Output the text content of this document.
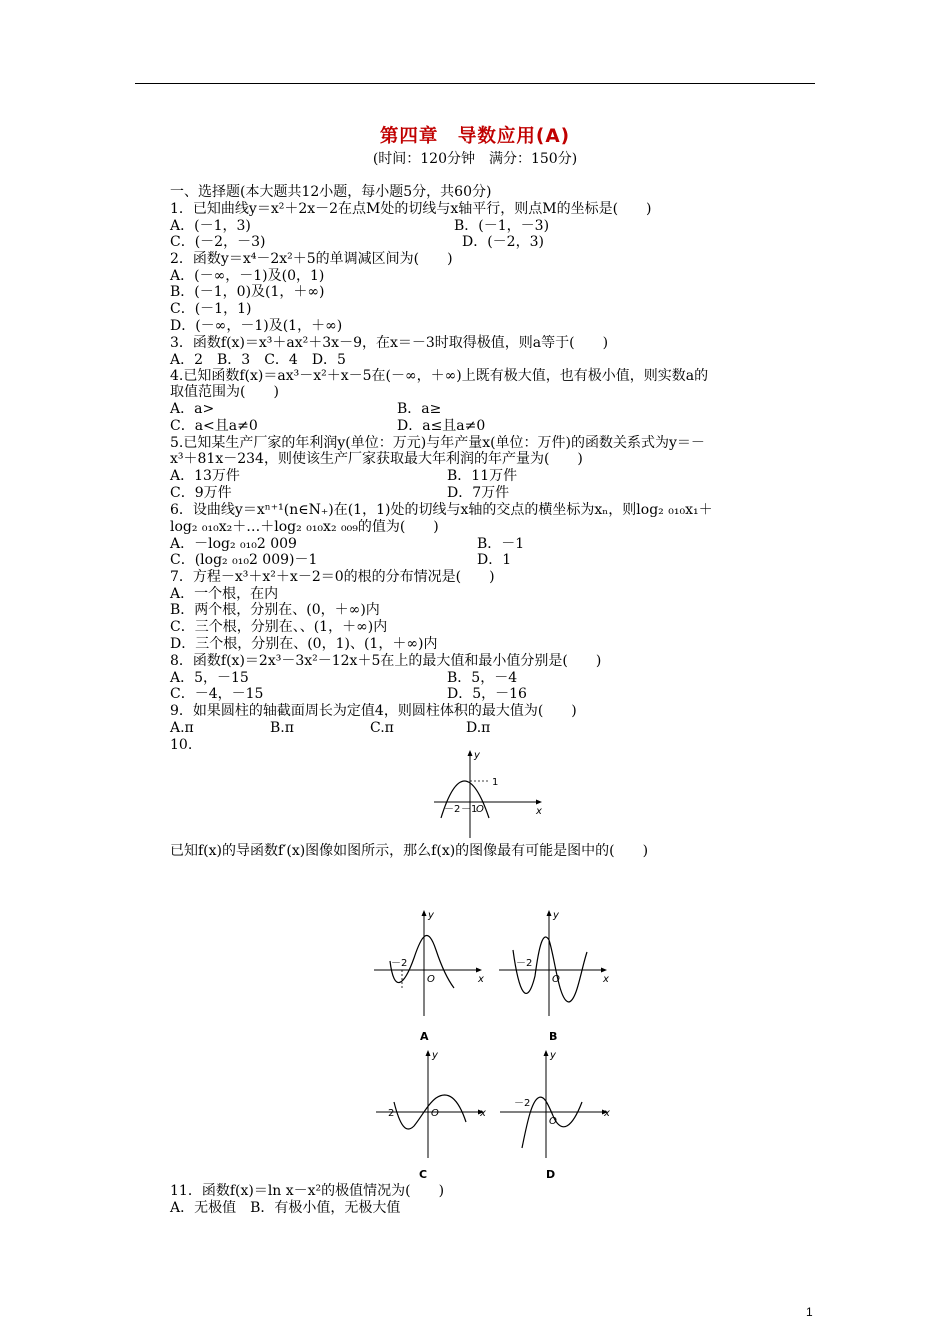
第四章　导数应用(A)
(时间：120分钟　满分：150分)
一、选择题(本大题共12小题，每小题5分，共60分)
1．已知曲线y＝x²＋2x－2在点M处的切线与x轴平行，则点M的坐标是(　　)
A．(－1，3)	B．(－1，－3)
C．(－2，－3)	D．(－2，3)
2．函数y＝x⁴－2x²＋5的单调减区间为(　　)
A．(－∞，－1)及(0，1)
B．(－1，0)及(1，＋∞)
C．(－1，1)
D．(－∞，－1)及(1，＋∞)
3．函数f(x)＝x³＋ax²＋3x－9，在x＝－3时取得极值，则a等于(　　)
A．2　B．3　C．4　D．5
4.已知函数f(x)＝ax³－x²＋x－5在(－∞，＋∞)上既有极大值，也有极小值，则实数a的
取值范围为(　　)
A．a>	B．a≥
C．a<且a≠0	D．a≤且a≠0
5.已知某生产厂家的年利润y(单位：万元)与年产量x(单位：万件)的函数关系式为y＝－
x³＋81x－234，则使该生产厂家获取最大年利润的年产量为(　　)
A．13万件	B．11万件
C．9万件	D．7万件
6．设曲线y＝xⁿ⁺¹(n∈N₊)在(1，1)处的切线与x轴的交点的横坐标为xₙ，则log₂ ₀₁₀x₁＋
log₂ ₀₁₀x₂＋…＋log₂ ₀₁₀x₂ ₀₀₉的值为(　　)
A．－log₂ ₀₁₀2 009	B．－1
C．(log₂ ₀₁₀2 009)－1	D．1
7．方程－x³＋x²＋x－2＝0的根的分布情况是(　　)
A．一个根，在内
B．两个根，分别在、(0，＋∞)内
C．三个根，分别在、、(1，＋∞)内
D．三个根，分别在、(0，1)、(1，＋∞)内
8．函数f(x)＝2x³－3x²－12x＋5在上的最大值和最小值分别是(　　)
A．5，－15	B．5，－4
C．－4，－15	D．5，－16
9．如果圆柱的轴截面周长为定值4，则圆柱体积的最大值为(　　)
A.π	B.π	C.π	D.π
10.
已知f(x)的导函数f′(x)图像如图所示，那么f(x)的图像最有可能是图中的(　　)
11．函数f(x)＝ln x－x²的极值情况为(　　)
A．无极值　B．有极小值，无极大值
y
x
1
－2 －1
O
y
x
－2
O
A
y
x
－2
O
B
y
x
－2	O
C
y
x
－2
O
D
1
